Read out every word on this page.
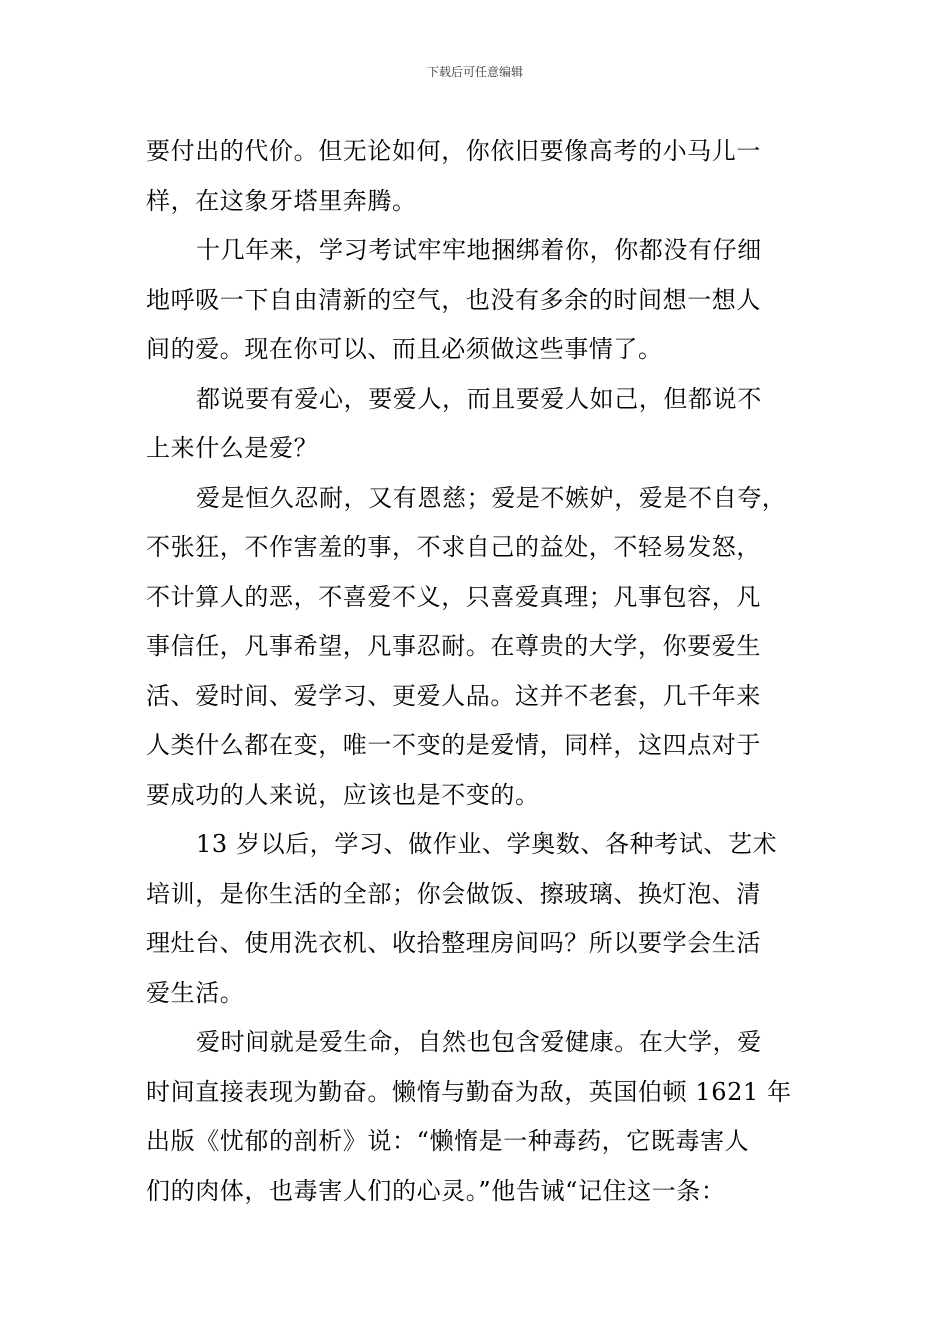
下载后可任意编辑

要付出的代价。但无论如何，你依旧要像高考的小马儿一
样，在这象牙塔里奔腾。

十几年来，学习考试牢牢地捆绑着你，你都没有仔细
地呼吸一下自由清新的空气，也没有多余的时间想一想人
间的爱。现在你可以、而且必须做这些事情了。

都说要有爱心，要爱人，而且要爱人如己，但都说不
上来什么是爱？

爱是恒久忍耐，又有恩慈；爱是不嫉妒，爱是不自夸，
不张狂，不作害羞的事，不求自己的益处，不轻易发怒，
不计算人的恶，不喜爱不义，只喜爱真理；凡事包容，凡
事信任，凡事希望，凡事忍耐。在尊贵的大学，你要爱生
活、爱时间、爱学习、更爱人品。这并不老套，几千年来
人类什么都在变，唯一不变的是爱情，同样，这四点对于
要成功的人来说，应该也是不变的。

13 岁以后，学习、做作业、学奥数、各种考试、艺术
培训，是你生活的全部；你会做饭、擦玻璃、换灯泡、清
理灶台、使用洗衣机、收拾整理房间吗？所以要学会生活
爱生活。

爱时间就是爱生命，自然也包含爱健康。在大学，爱
时间直接表现为勤奋。懒惰与勤奋为敌，英国伯顿 1621 年
出版《忧郁的剖析》说：“懒惰是一种毒药，它既毒害人
们的肉体，也毒害人们的心灵。”他告诫“记住这一条：
